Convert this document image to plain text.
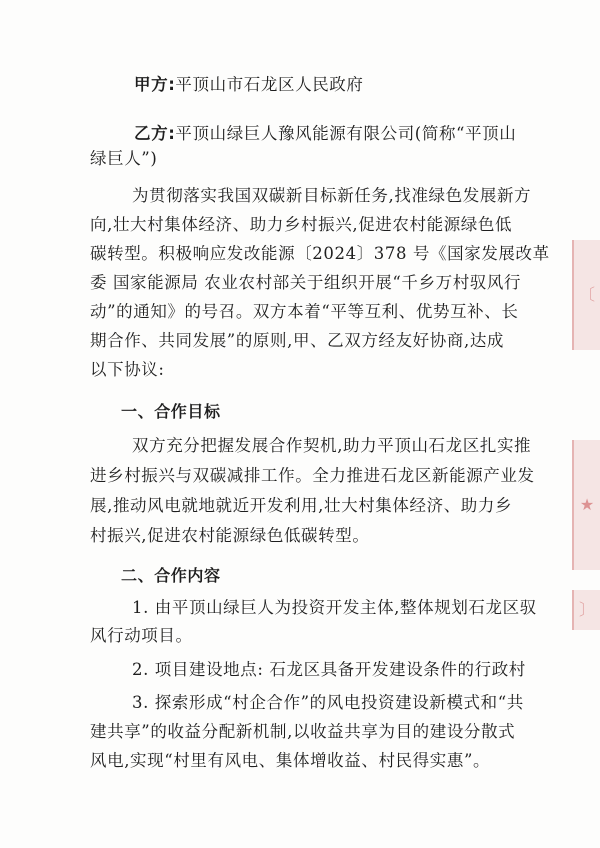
甲方:平顶山市石龙区人民政府
乙方:平顶山绿巨人豫风能源有限公司(简称“平顶山
绿巨人”)
为贯彻落实我国双碳新目标新任务,找准绿色发展新方
向,壮大村集体经济、助力乡村振兴,促进农村能源绿色低
碳转型。积极响应发改能源〔2024〕378 号《国家发展改革
委 国家能源局 农业农村部关于组织开展“千乡万村驭风行
动”的通知》的号召。双方本着“平等互利、优势互补、长
期合作、共同发展”的原则,甲、乙双方经友好协商,达成
以下协议:
一、合作目标
双方充分把握发展合作契机,助力平顶山石龙区扎实推
进乡村振兴与双碳减排工作。全力推进石龙区新能源产业发
展,推动风电就地就近开发利用,壮大村集体经济、助力乡
村振兴,促进农村能源绿色低碳转型。
二、合作内容
1. 由平顶山绿巨人为投资开发主体,整体规划石龙区驭
风行动项目。
2. 项目建设地点: 石龙区具备开发建设条件的行政村
3. 探索形成“村企合作”的风电投资建设新模式和“共
建共享”的收益分配新机制,以收益共享为目的建设分散式
风电,实现“村里有风电、集体增收益、村民得实惠”。
〔
★
〕
